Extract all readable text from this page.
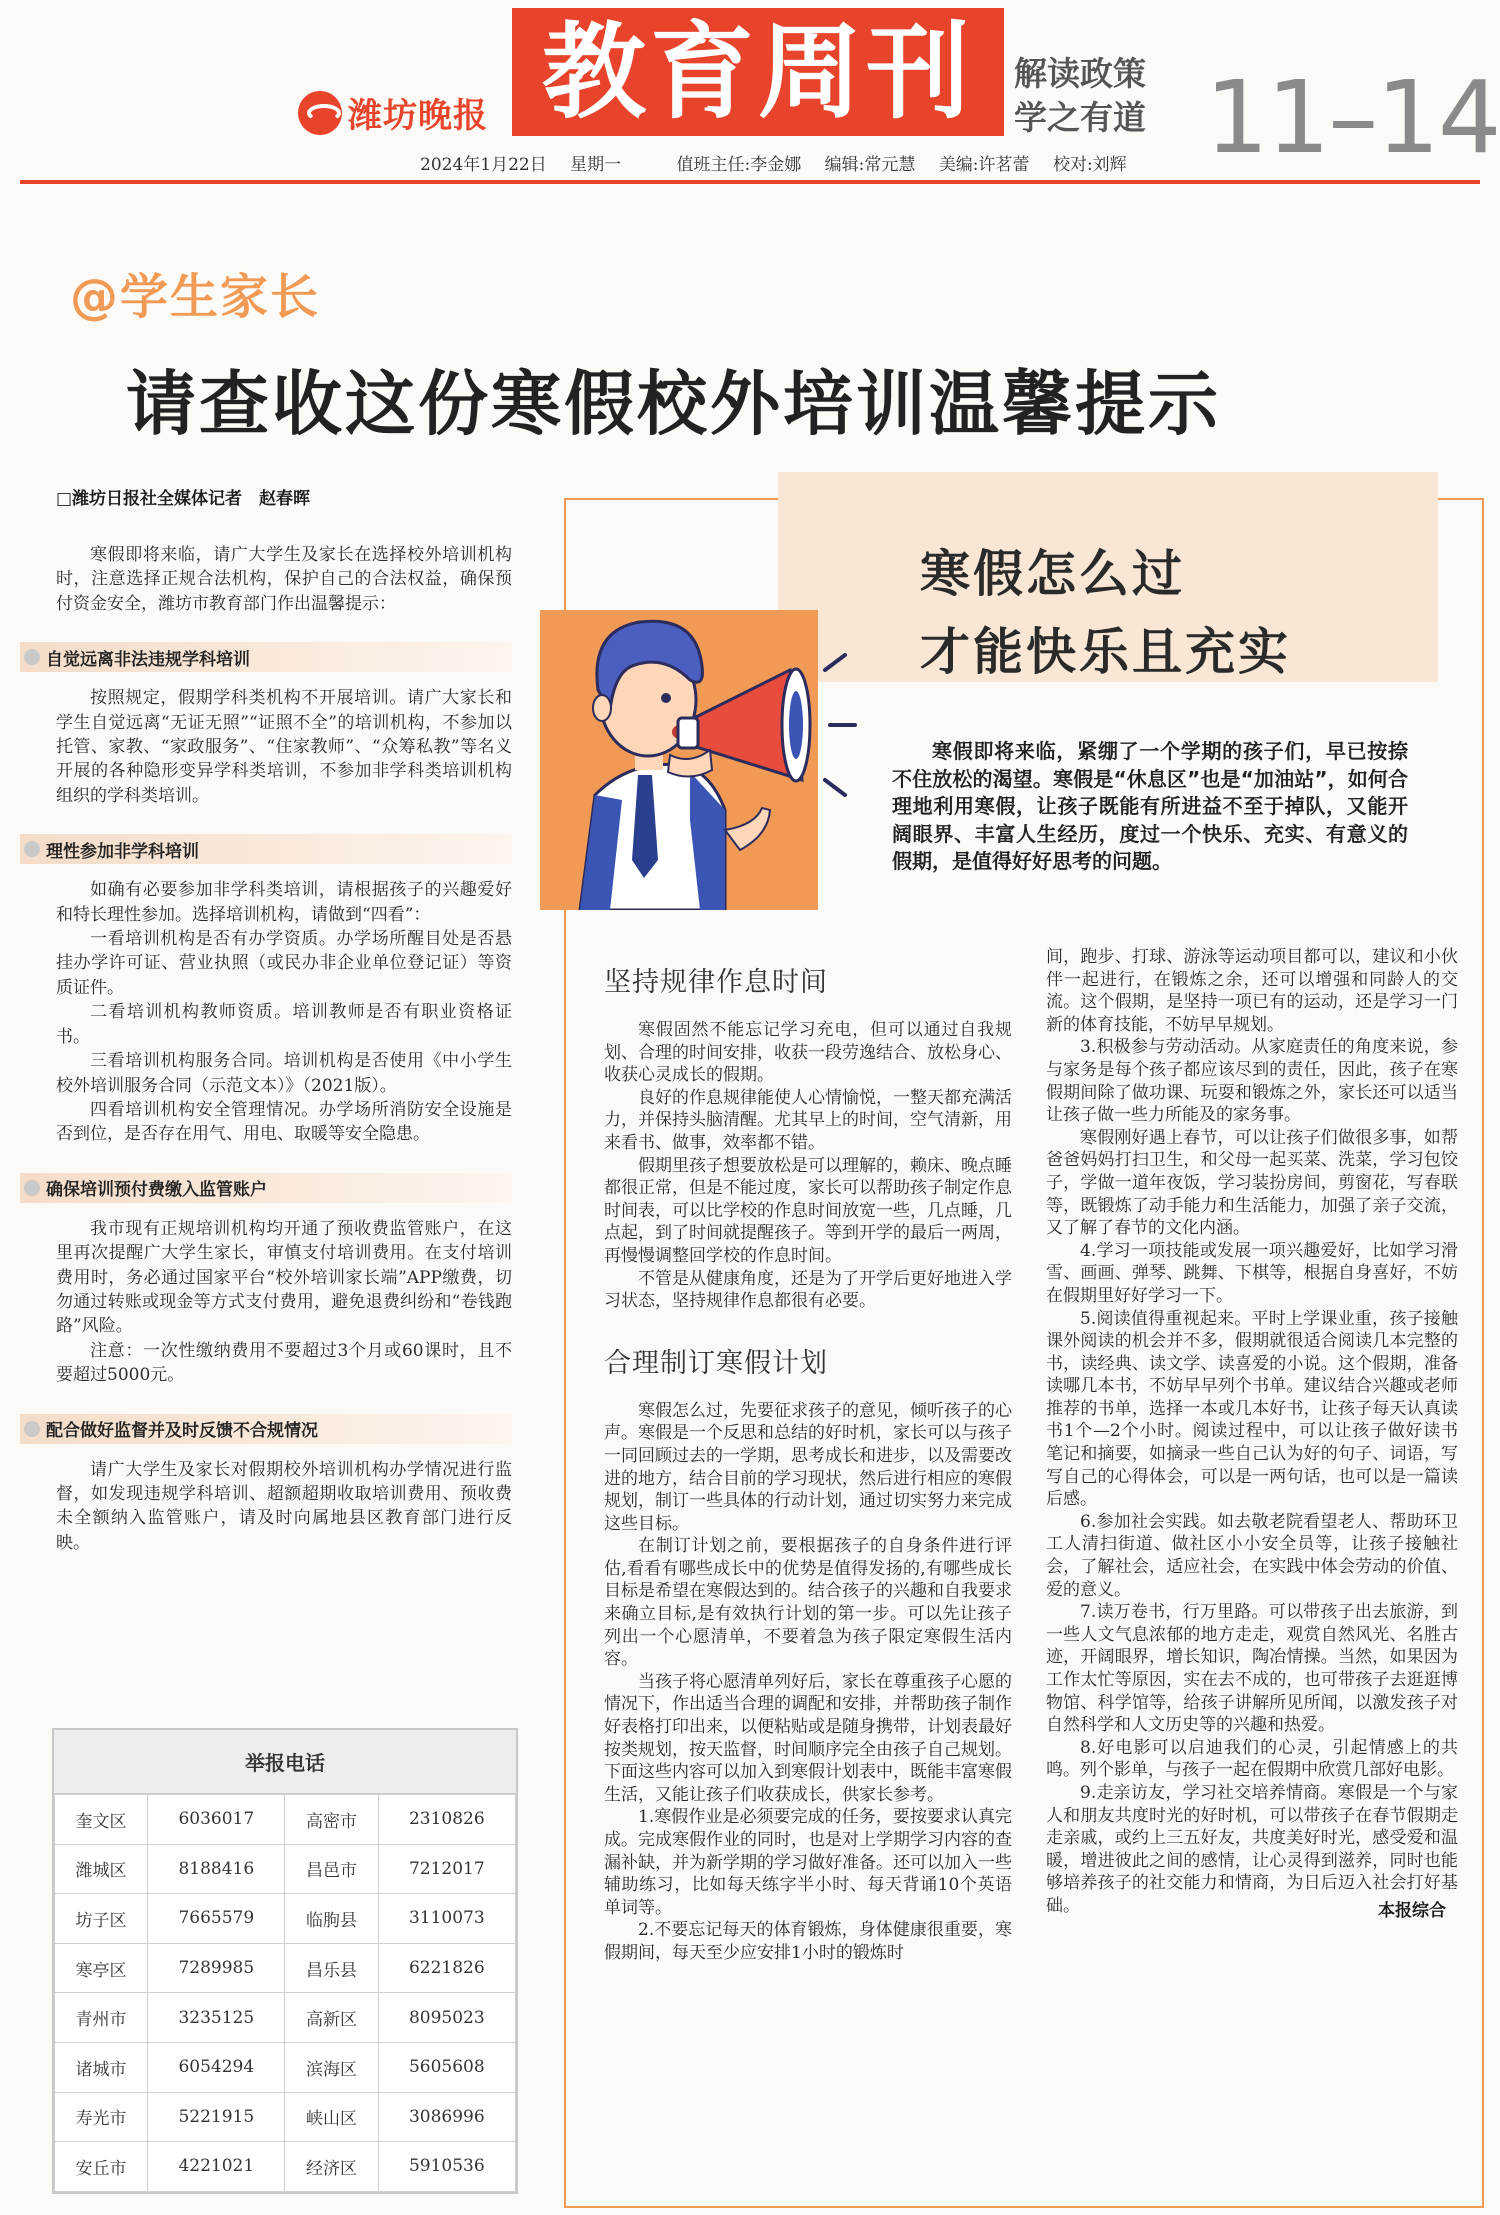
潍坊晚报 教育周刊 解读政策
学之有道 11–14
2024年1月22日 星期一	值班主任:李金娜 编辑:常元慧 美编:许茗蕾 校对:刘辉
@学生家长
请查收这份寒假校外培训温馨提示
□潍坊日报社全媒体记者　赵春晖

寒假即将来临，请广大学生及家长在选择校外培训机构时，注意选择正规合法机构，保护自己的合法权益，确保预付资金安全，潍坊市教育部门作出温馨提示：

自觉远离非法违规学科培训

按照规定，假期学科类机构不开展培训。请广大家长和学生自觉远离“无证无照”“证照不全”的培训机构，不参加以托管、家教、“家政服务”、“住家教师”、“众筹私教”等名义开展的各种隐形变异学科类培训，不参加非学科类培训机构组织的学科类培训。

理性参加非学科培训

如确有必要参加非学科类培训，请根据孩子的兴趣爱好和特长理性参加。选择培训机构，请做到“四看”：

一看培训机构是否有办学资质。办学场所醒目处是否悬挂办学许可证、营业执照（或民办非企业单位登记证）等资质证件。

二看培训机构教师资质。培训教师是否有职业资格证书。

三看培训机构服务合同。培训机构是否使用《中小学生校外培训服务合同（示范文本）》（2021版）。

四看培训机构安全管理情况。办学场所消防安全设施是否到位，是否存在用气、用电、取暖等安全隐患。

确保培训预付费缴入监管账户

我市现有正规培训机构均开通了预收费监管账户，在这里再次提醒广大学生家长，审慎支付培训费用。在支付培训费用时，务必通过国家平台“校外培训家长端”APP缴费，切勿通过转账或现金等方式支付费用，避免退费纠纷和“卷钱跑路”风险。

注意：一次性缴纳费用不要超过3个月或60课时，且不要超过5000元。

配合做好监督并及时反馈不合规情况

请广大学生及家长对假期校外培训机构办学情况进行监督，如发现违规学科培训、超额超期收取培训费用、预收费未全额纳入监管账户，请及时向属地县区教育部门进行反映。

举报电话
奎文区	6036017	高密市	2310826
潍城区	8188416	昌邑市	7212017
坊子区	7665579	临朐县	3110073
寒亭区	7289985	昌乐县	6221826
青州市	3235125	高新区	8095023
诸城市	6054294	滨海区	5605608
寿光市	5221915	峡山区	3086996
安丘市	4221021	经济区	5910536
寒假怎么过
才能快乐且充实

寒假即将来临，紧绷了一个学期的孩子们，早已按捺不住放松的渴望。寒假是“休息区”也是“加油站”，如何合理地利用寒假，让孩子既能有所进益不至于掉队，又能开阔眼界、丰富人生经历，度过一个快乐、充实、有意义的假期，是值得好好思考的问题。

坚持规律作息时间

寒假固然不能忘记学习充电，但可以通过自我规划、合理的时间安排，收获一段劳逸结合、放松身心、收获心灵成长的假期。

良好的作息规律能使人心情愉悦，一整天都充满活力，并保持头脑清醒。尤其早上的时间，空气清新，用来看书、做事，效率都不错。

假期里孩子想要放松是可以理解的，赖床、晚点睡都很正常，但是不能过度，家长可以帮助孩子制定作息时间表，可以比学校的作息时间放宽一些，几点睡，几点起，到了时间就提醒孩子。等到开学的最后一两周，再慢慢调整回学校的作息时间。

不管是从健康角度，还是为了开学后更好地进入学习状态，坚持规律作息都很有必要。

合理制订寒假计划

寒假怎么过，先要征求孩子的意见，倾听孩子的心声。寒假是一个反思和总结的好时机，家长可以与孩子一同回顾过去的一学期，思考成长和进步，以及需要改进的地方，结合目前的学习现状，然后进行相应的寒假规划，制订一些具体的行动计划，通过切实努力来完成这些目标。

在制订计划之前，要根据孩子的自身条件进行评估,看看有哪些成长中的优势是值得发扬的,有哪些成长目标是希望在寒假达到的。结合孩子的兴趣和自我要求来确立目标,是有效执行计划的第一步。可以先让孩子列出一个心愿清单，不要着急为孩子限定寒假生活内容。

当孩子将心愿清单列好后，家长在尊重孩子心愿的情况下，作出适当合理的调配和安排，并帮助孩子制作好表格打印出来，以便粘贴或是随身携带，计划表最好按类规划，按天监督，时间顺序完全由孩子自己规划。下面这些内容可以加入到寒假计划表中，既能丰富寒假生活，又能让孩子们收获成长，供家长参考。

1.寒假作业是必须要完成的任务，要按要求认真完成。完成寒假作业的同时，也是对上学期学习内容的查漏补缺，并为新学期的学习做好准备。还可以加入一些辅助练习，比如每天练字半小时、每天背诵10个英语单词等。

2.不要忘记每天的体育锻炼，身体健康很重要，寒假期间，每天至少应安排1小时的锻炼时

间，跑步、打球、游泳等运动项目都可以，建议和小伙伴一起进行，在锻炼之余，还可以增强和同龄人的交流。这个假期，是坚持一项已有的运动，还是学习一门新的体育技能，不妨早早规划。

3.积极参与劳动活动。从家庭责任的角度来说，参与家务是每个孩子都应该尽到的责任，因此，孩子在寒假期间除了做功课、玩耍和锻炼之外，家长还可以适当让孩子做一些力所能及的家务事。

寒假刚好遇上春节，可以让孩子们做很多事，如帮爸爸妈妈打扫卫生，和父母一起买菜、洗菜，学习包饺子，学做一道年夜饭，学习装扮房间，剪窗花，写春联等，既锻炼了动手能力和生活能力，加强了亲子交流，又了解了春节的文化内涵。

4.学习一项技能或发展一项兴趣爱好，比如学习滑雪、画画、弹琴、跳舞、下棋等，根据自身喜好，不妨在假期里好好学习一下。

5.阅读值得重视起来。平时上学课业重，孩子接触课外阅读的机会并不多，假期就很适合阅读几本完整的书，读经典、读文学、读喜爱的小说。这个假期，准备读哪几本书，不妨早早列个书单。建议结合兴趣或老师推荐的书单，选择一本或几本好书，让孩子每天认真读书1个—2个小时。阅读过程中，可以让孩子做好读书笔记和摘要，如摘录一些自己认为好的句子、词语，写写自己的心得体会，可以是一两句话，也可以是一篇读后感。

6.参加社会实践。如去敬老院看望老人、帮助环卫工人清扫街道、做社区小小安全员等，让孩子接触社会，了解社会，适应社会，在实践中体会劳动的价值、爱的意义。

7.读万卷书，行万里路。可以带孩子出去旅游，到一些人文气息浓郁的地方走走，观赏自然风光、名胜古迹，开阔眼界，增长知识，陶冶情操。当然，如果因为工作太忙等原因，实在去不成的，也可带孩子去逛逛博物馆、科学馆等，给孩子讲解所见所闻，以激发孩子对自然科学和人文历史等的兴趣和热爱。

8.好电影可以启迪我们的心灵，引起情感上的共鸣。列个影单，与孩子一起在假期中欣赏几部好电影。

9.走亲访友，学习社交培养情商。寒假是一个与家人和朋友共度时光的好时机，可以带孩子在春节假期走走亲戚，或约上三五好友，共度美好时光，感受爱和温暖，增进彼此之间的感情，让心灵得到滋养，同时也能够培养孩子的社交能力和情商，为日后迈入社会打好基础。	本报综合
